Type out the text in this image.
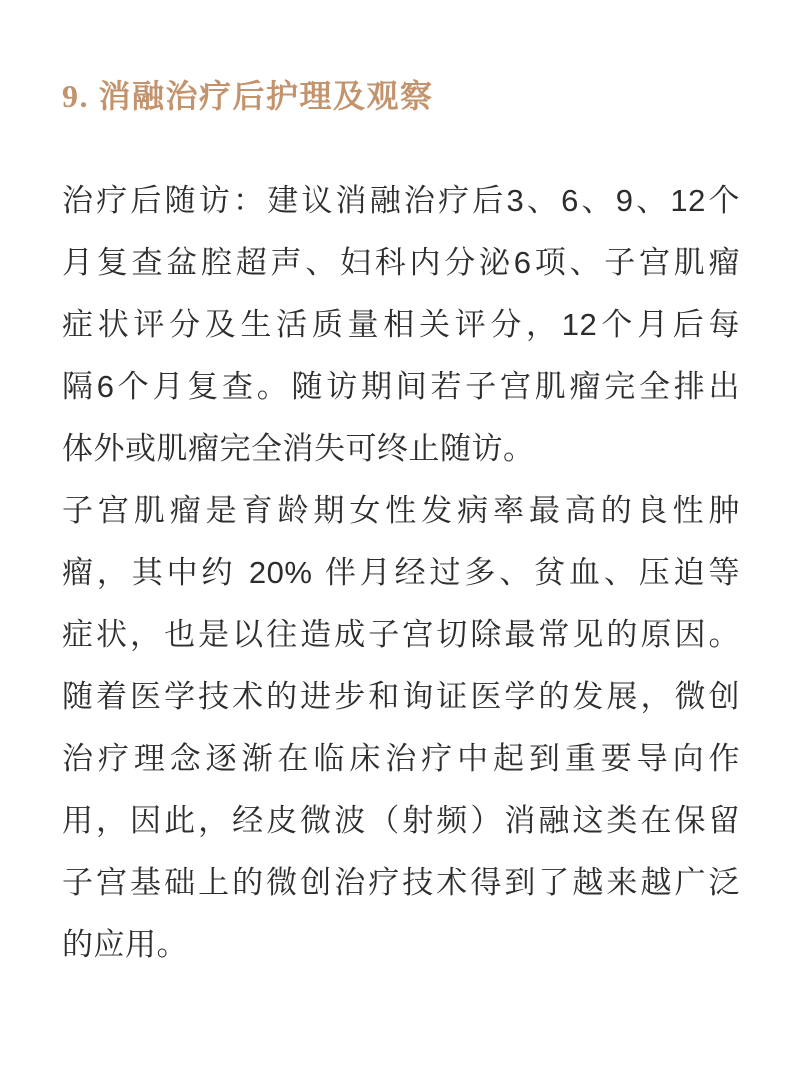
9. 消融治疗后护理及观察
治疗后随访：建议消融治疗后3、6、9、12个
月复查盆腔超声、妇科内分泌6项、子宫肌瘤
症状评分及生活质量相关评分，12个月后每
隔6个月复查。随访期间若子宫肌瘤完全排出
体外或肌瘤完全消失可终止随访。
子宫肌瘤是育龄期女性发病率最高的良性肿
瘤，其中约 20% 伴月经过多、贫血、压迫等
症状，也是以往造成子宫切除最常见的原因。
随着医学技术的进步和询证医学的发展，微创
治疗理念逐渐在临床治疗中起到重要导向作
用，因此，经皮微波（射频）消融这类在保留
子宫基础上的微创治疗技术得到了越来越广泛
的应用。
